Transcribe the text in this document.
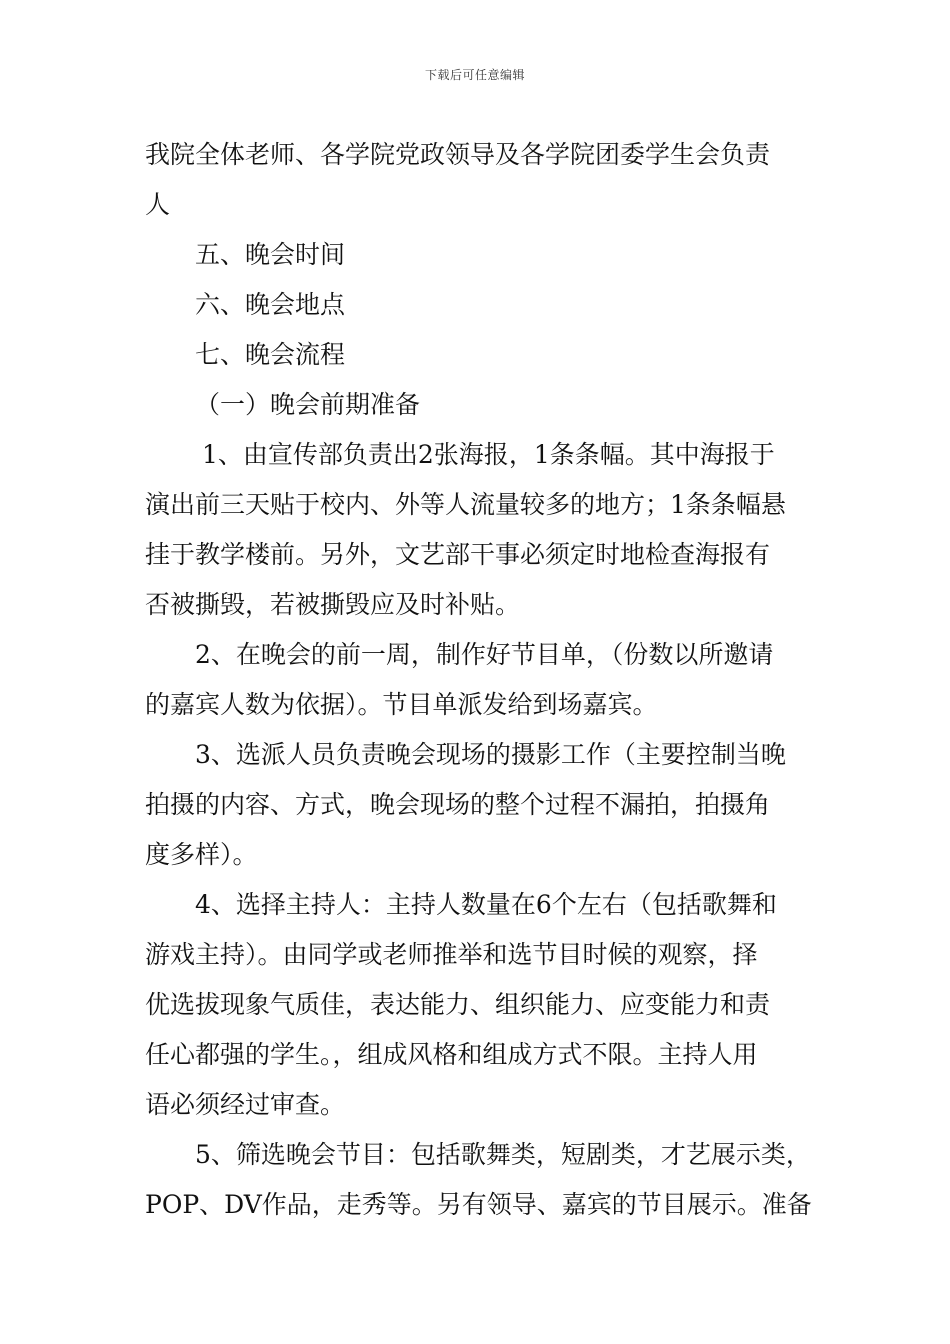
下载后可任意编辑
我院全体老师、各学院党政领导及各学院团委学生会负责
人
五、晚会时间
六、晚会地点
七、晚会流程
（一）晚会前期准备
1、由宣传部负责出2张海报，1条条幅。其中海报于
演出前三天贴于校内、外等人流量较多的地方；1条条幅悬
挂于教学楼前。另外，文艺部干事必须定时地检查海报有
否被撕毁，若被撕毁应及时补贴。
2、在晚会的前一周，制作好节目单，（份数以所邀请
的嘉宾人数为依据）。节目单派发给到场嘉宾。
3、选派人员负责晚会现场的摄影工作（主要控制当晚
拍摄的内容、方式，晚会现场的整个过程不漏拍，拍摄角
度多样）。
4、选择主持人：主持人数量在6个左右（包括歌舞和
游戏主持）。由同学或老师推举和选节目时候的观察，择
优选拔现象气质佳，表达能力、组织能力、应变能力和责
任心都强的学生。，组成风格和组成方式不限。主持人用
语必须经过审查。
5、筛选晚会节目：包括歌舞类，短剧类，才艺展示类，
POP、DV作品，走秀等。另有领导、嘉宾的节目展示。准备
